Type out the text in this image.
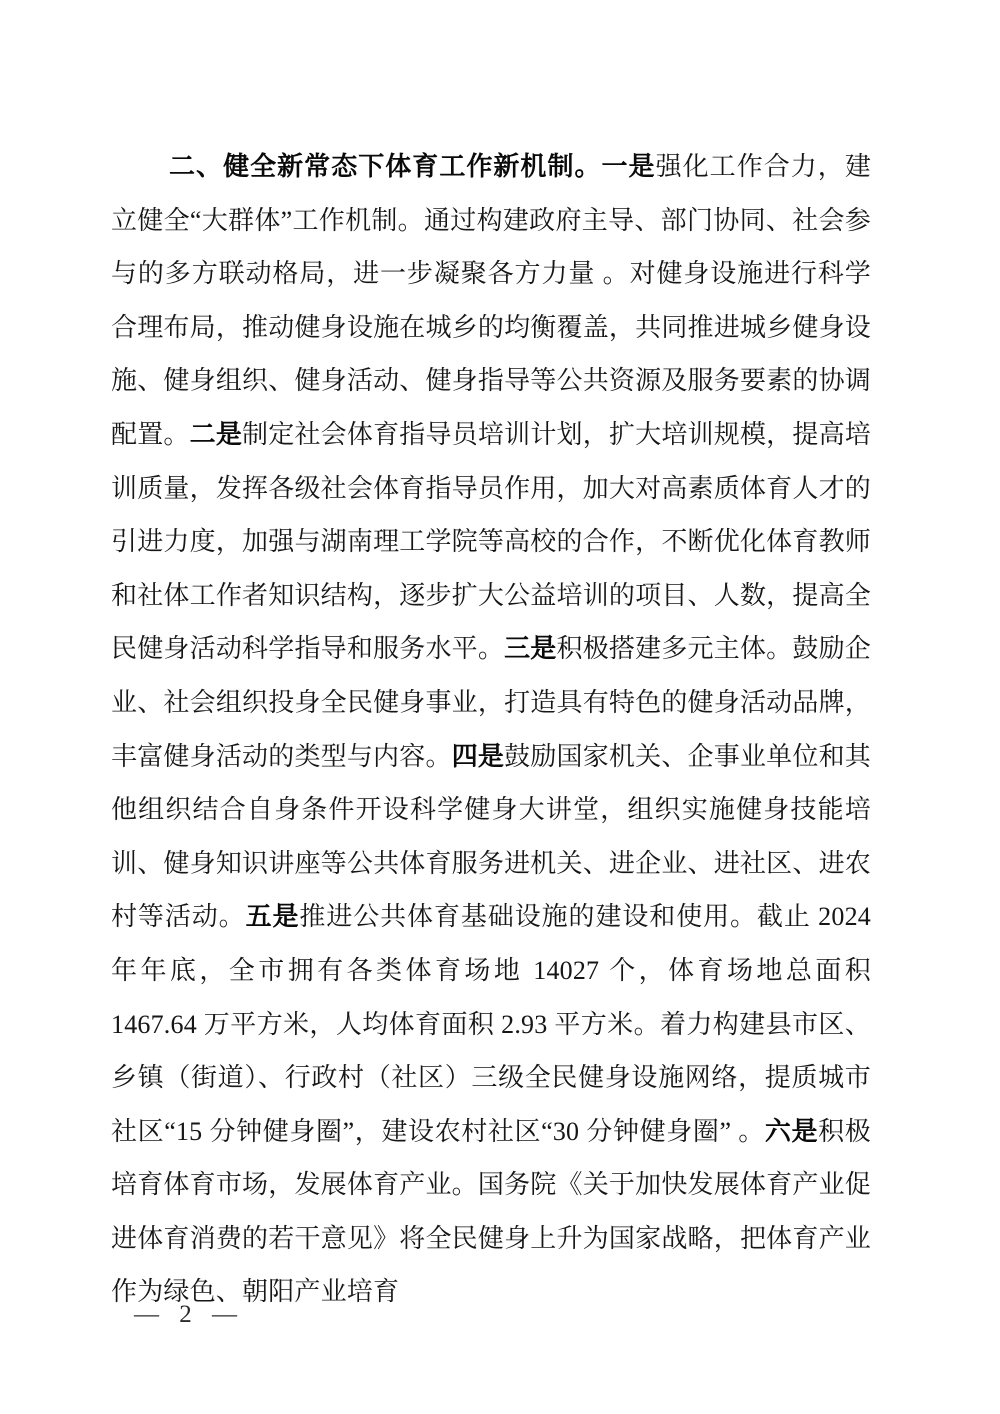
二、健全新常态下体育工作新机制。一是强化工作合力，建立健全“大群体”工作机制。通过构建政府主导、部门协同、社会参与的多方联动格局，进一步凝聚各方力量 。对健身设施进行科学合理布局，推动健身设施在城乡的均衡覆盖，共同推进城乡健身设施、健身组织、健身活动、健身指导等公共资源及服务要素的协调配置。二是制定社会体育指导员培训计划，扩大培训规模，提高培训质量，发挥各级社会体育指导员作用，加大对高素质体育人才的引进力度，加强与湖南理工学院等高校的合作，不断优化体育教师和社体工作者知识结构，逐步扩大公益培训的项目、人数，提高全民健身活动科学指导和服务水平。三是积极搭建多元主体。鼓励企业、社会组织投身全民健身事业，打造具有特色的健身活动品牌，丰富健身活动的类型与内容。四是鼓励国家机关、企事业单位和其他组织结合自身条件开设科学健身大讲堂，组织实施健身技能培训、健身知识讲座等公共体育服务进机关、进企业、进社区、进农村等活动。五是推进公共体育基础设施的建设和使用。截止 2024 年年底，全市拥有各类体育场地 14027 个，体育场地总面积 1467.64 万平方米，人均体育面积 2.93 平方米。着力构建县市区、乡镇（街道）、行政村（社区）三级全民健身设施网络，提质城市社区“15 分钟健身圈”，建设农村社区“30 分钟健身圈” 。六是积极培育体育市场，发展体育产业。国务院《关于加快发展体育产业促进体育消费的若干意见》将全民健身上升为国家战略，把体育产业作为绿色、朝阳产业培育
— 2 —
